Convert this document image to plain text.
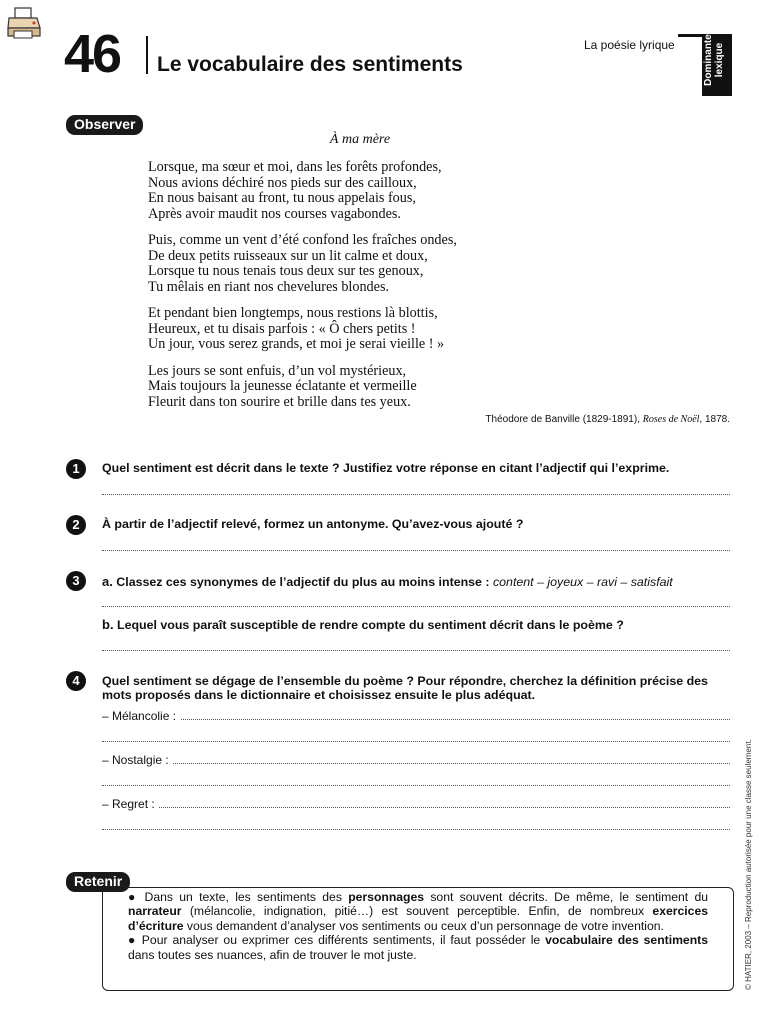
46 Le vocabulaire des sentiments
La poésie lyrique	Dominante lexique
Observer
À ma mère
Lorsque, ma sœur et moi, dans les forêts profondes,
Nous avions déchiré nos pieds sur des cailloux,
En nous baisant au front, tu nous appelais fous,
Après avoir maudit nos courses vagabondes.
Puis, comme un vent d’été confond les fraîches ondes,
De deux petits ruisseaux sur un lit calme et doux,
Lorsque tu nous tenais tous deux sur tes genoux,
Tu mêlais en riant nos chevelures blondes.
Et pendant bien longtemps, nous restions là blottis,
Heureux, et tu disais parfois : « Ô chers petits !
Un jour, vous serez grands, et moi je serai vieille ! »
Les jours se sont enfuis, d’un vol mystérieux,
Mais toujours la jeunesse éclatante et vermeille
Fleurit dans ton sourire et brille dans tes yeux.
Théodore de Banville (1829-1891), Roses de Noël, 1878.
1	Quel sentiment est décrit dans le texte ? Justifiez votre réponse en citant l’adjectif qui l’exprime.
2	À partir de l’adjectif relevé, formez un antonyme. Qu’avez-vous ajouté ?
3	a. Classez ces synonymes de l’adjectif du plus au moins intense : content – joyeux – ravi – satisfait
b. Lequel vous paraît susceptible de rendre compte du sentiment décrit dans le poème ?
4	Quel sentiment se dégage de l’ensemble du poème ? Pour répondre, cherchez la définition précise des
mots proposés dans le dictionnaire et choisissez ensuite le plus adéquat.
– Mélancolie :
– Nostalgie :
– Regret :
Retenir

● Dans un texte, les sentiments des personnages sont souvent décrits. De même, le sentiment du narrateur (mélancolie, indignation, pitié…) est souvent perceptible. Enfin, de nombreux exercices d’écriture vous demandent d’analyser vos sentiments ou ceux d’un personnage de votre invention.

● Pour analyser ou exprimer ces différents sentiments, il faut posséder le vocabulaire des sentiments dans toutes ses nuances, afin de trouver le mot juste.	© HATIER, 2003 – Reproduction autorisée pour une classe seulement.
